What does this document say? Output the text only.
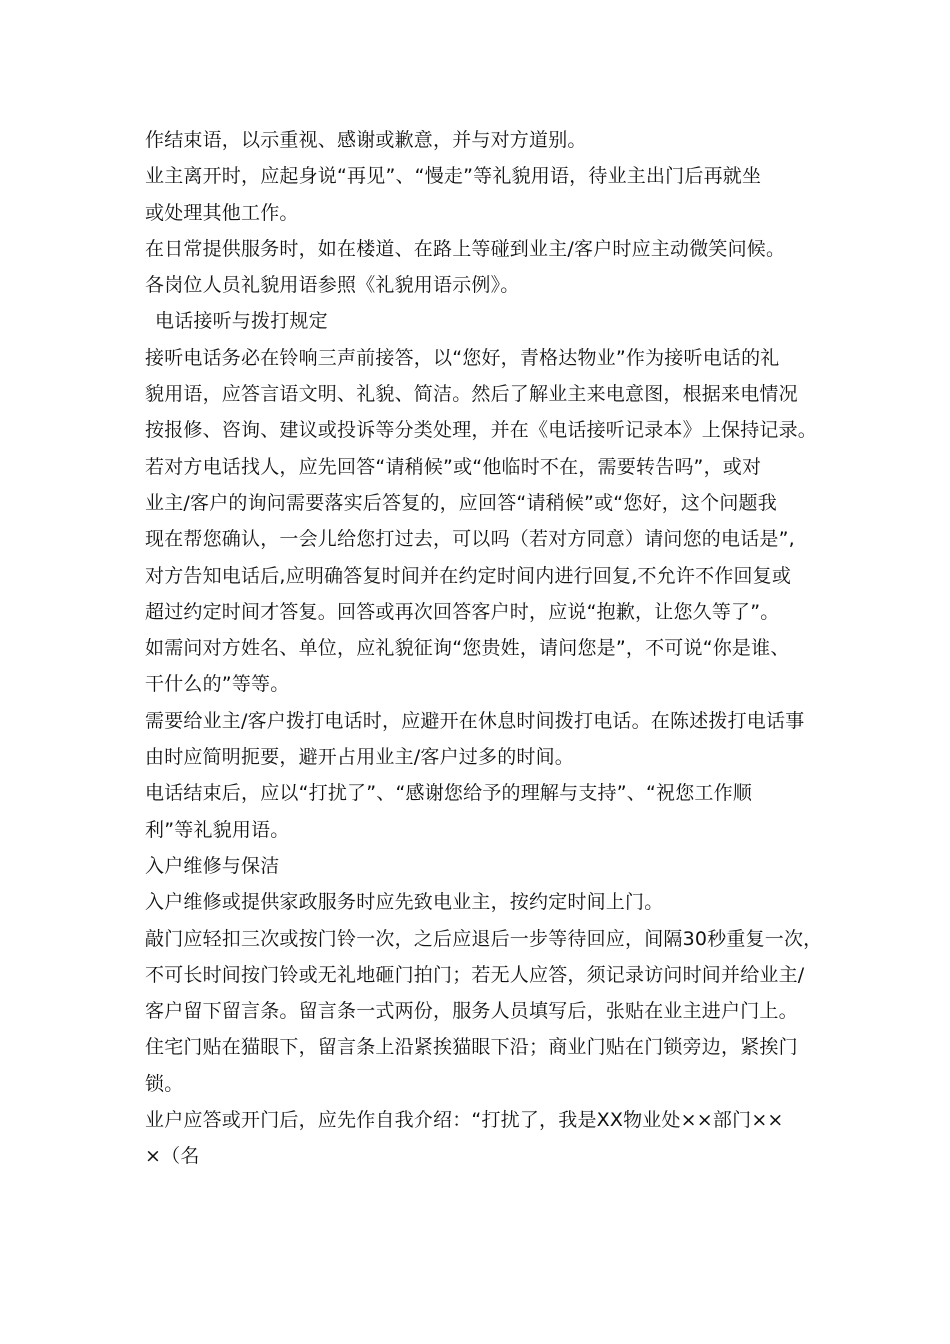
作结束语，以示重视、感谢或歉意，并与对方道别。
业主离开时，应起身说“再见”、“慢走”等礼貌用语，待业主出门后再就坐
或处理其他工作。
在日常提供服务时，如在楼道、在路上等碰到业主/客户时应主动微笑问候。
各岗位人员礼貌用语参照《礼貌用语示例》。
电话接听与拨打规定
接听电话务必在铃响三声前接答，以“您好，青格达物业”作为接听电话的礼
貌用语，应答言语文明、礼貌、简洁。然后了解业主来电意图，根据来电情况
按报修、咨询、建议或投诉等分类处理，并在《电话接听记录本》上保持记录。
若对方电话找人，应先回答“请稍候”或“他临时不在，需要转告吗”，或对
业主/客户的询问需要落实后答复的，应回答“请稍候”或“您好，这个问题我
现在帮您确认，一会儿给您打过去，可以吗（若对方同意）请问您的电话是”,
对方告知电话后,应明确答复时间并在约定时间内进行回复,不允许不作回复或
超过约定时间才答复。回答或再次回答客户时，应说“抱歉，让您久等了”。
如需问对方姓名、单位，应礼貌征询“您贵姓，请问您是”，不可说“你是谁、
干什么的”等等。
需要给业主/客户拨打电话时，应避开在休息时间拨打电话。在陈述拨打电话事
由时应简明扼要，避开占用业主/客户过多的时间。
电话结束后，应以“打扰了”、“感谢您给予的理解与支持”、“祝您工作顺
利”等礼貌用语。
入户维修与保洁
入户维修或提供家政服务时应先致电业主，按约定时间上门。
敲门应轻扣三次或按门铃一次，之后应退后一步等待回应，间隔30秒重复一次，
不可长时间按门铃或无礼地砸门拍门；若无人应答，须记录访问时间并给业主/
客户留下留言条。留言条一式两份，服务人员填写后，张贴在业主进户门上。
住宅门贴在猫眼下，留言条上沿紧挨猫眼下沿；商业门贴在门锁旁边，紧挨门
锁。
业户应答或开门后，应先作自我介绍：“打扰了，我是XX物业处××部门××
×（名
